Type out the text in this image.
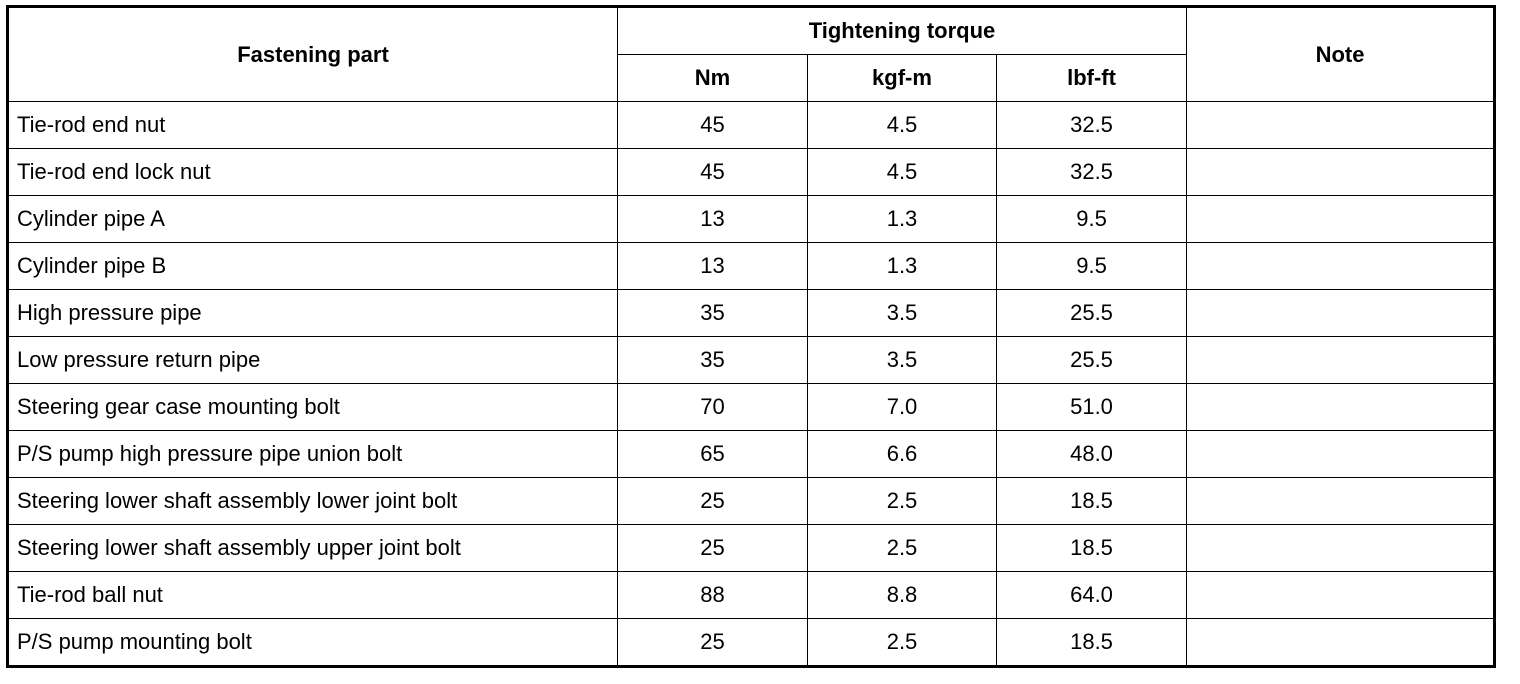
Fastening part	Tightening torque			Note
	Nm	kgf-m	lbf-ft	
Tie-rod end nut	45	4.5	32.5	
Tie-rod end lock nut	45	4.5	32.5	
Cylinder pipe A	13	1.3	9.5	
Cylinder pipe B	13	1.3	9.5	
High pressure pipe	35	3.5	25.5	
Low pressure return pipe	35	3.5	25.5	
Steering gear case mounting bolt	70	7.0	51.0	
P/S pump high pressure pipe union bolt	65	6.6	48.0	
Steering lower shaft assembly lower joint bolt	25	2.5	18.5	
Steering lower shaft assembly upper joint bolt	25	2.5	18.5	
Tie-rod ball nut	88	8.8	64.0	
P/S pump mounting bolt	25	2.5	18.5	
